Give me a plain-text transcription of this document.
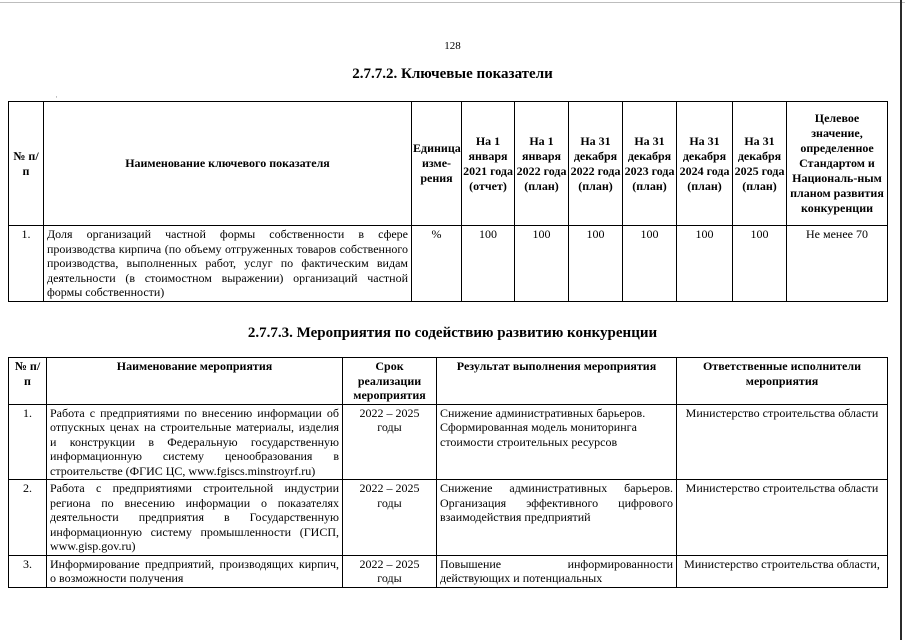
128
2.7.7.2. Ключевые показатели
·
№ п/п	Наименование ключевого показателя	Единица изме-рения	На 1 января 2021 года (отчет)	На 1 января 2022 года (план)	На 31 декабря 2022 года (план)	На 31 декабря 2023 года (план)	На 31 декабря 2024 года (план)	На 31 декабря 2025 года (план)	Целевое значение, определенное Стандартом и Националь-ным планом развития конкуренции
1.	Доля организаций частной формы собственности в сфере производства кирпича (по объему отгруженных товаров собственного производства, выполненных работ, услуг по фактическим видам деятельности (в стоимостном выражении) организаций частной формы собственности)	%	100	100	100	100	100	100	Не менее 70
2.7.7.3. Мероприятия по содействию развитию конкуренции
№ п/п	Наименование мероприятия	Срок реализации мероприятия	Результат выполнения мероприятия	Ответственные исполнители мероприятия
1.	Работа с предприятиями по внесению информации об отпускных ценах на строительные материалы, изделия и конструкции в Федеральную государственную информационную систему ценообразования в строительстве (ФГИС ЦС, www.fgiscs.minstroyrf.ru)	2022 – 2025 годы	Снижение административных барьеров. Сформированная модель мониторинга стоимости строительных ресурсов	Министерство строительства области
2.	Работа с предприятиями строительной индустрии региона по внесению информации о показателях деятельности предприятия в Государственную информационную систему промышленности (ГИСП, www.gisp.gov.ru)	2022 – 2025 годы	Снижение административных барьеров. Организация эффективного цифрового взаимодействия предприятий	Министерство строительства области
3.	Информирование предприятий, производящих кирпич, о возможности получения	2022 – 2025 годы	Повышение информированности действующих и потенциальных	Министерство строительства области,
